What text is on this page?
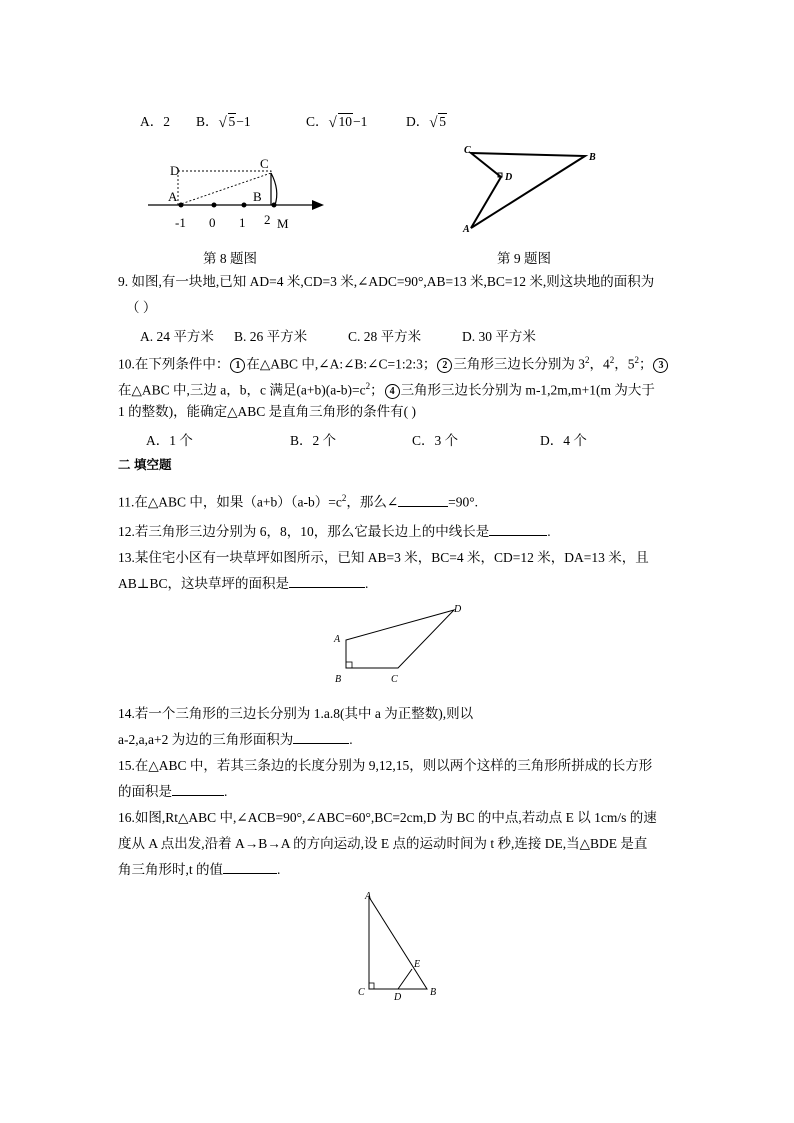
A．2 B． √ 5−1	C． √ 10−1	D． √ 5
D	C
A	B
-1 0 1 2 M
第 8 题图
C
B
D
A
第 9 题图
9. 如图,有一块地,已知 AD=4 米,CD=3 米,∠ADC=90°,AB=13 米,BC=12 米,则这块地的面积为
（ ）
A. 24 平方米 B. 26 平方米	C. 28 平方米	D. 30 平方米
10.在下列条件中： 1 在△ABC 中,∠A:∠B:∠C=1:2:3； 2 三角形三边长分别为 $3^2$，$4^2$，$5^2$； 3
在△ABC 中,三边 a，b，c 满足$(a+b)(a-b)=c^2$； 4 三角形三边长分别为 m-1,2m,m+1(m 为大于
1 的整数)，能确定△ABC 是直角三角形的条件有( )
A．1 个	B．2 个	C．3 个	D．4 个
二 填空题
11.在△ABC 中，如果$(a+b)(a-b)=c^2$，那么∠	=90°.
12.若三角形三边分别为 6，8，10，那么它最长边上的中线长是	.
13.某住宅小区有一块草坪如图所示，已知 AB=3 米，BC=4 米，CD=12 米，DA=13 米，且
AB⊥BC，这块草坪的面积是	.
A
B	C
D
14.若一个三角形的三边长分别为 1.a.8(其中 a 为正整数),则以
a-2,a,a+2 为边的三角形面积为	.
15.在△ABC 中，若其三条边的长度分别为 9,12,15，则以两个这样的三角形所拼成的长方形
的面积是	.
16.如图,Rt△ABC 中,∠ACB=90°,∠ABC=60°,BC=2cm,D 为 BC 的中点,若动点 E 以 1cm/s 的速
度从 A 点出发,沿着 A→B→A 的方向运动,设 E 点的运动时间为 t 秒,连接 DE,当△BDE 是直
角三角形时,t 的值	.
A
E
C	D	B
